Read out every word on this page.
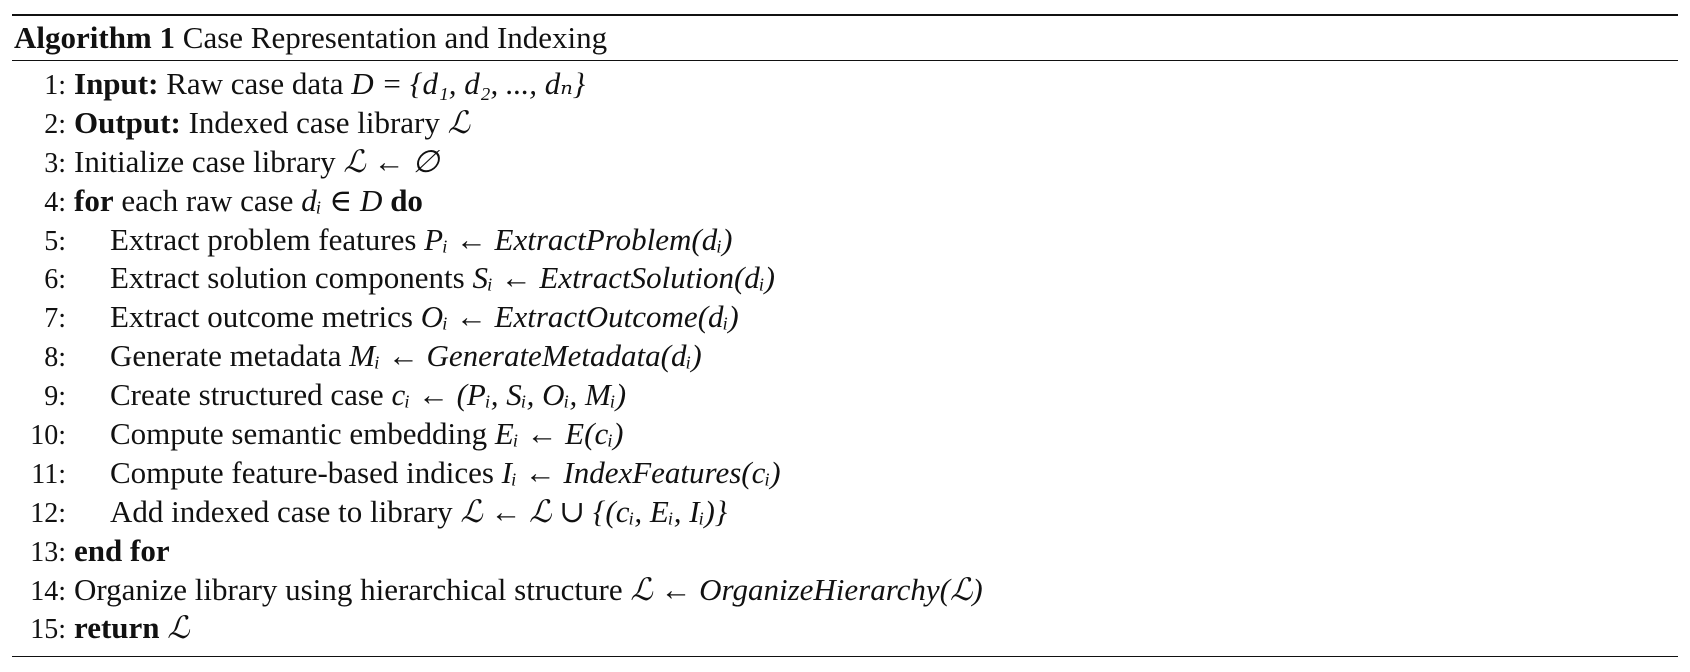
Algorithm 1 Case Representation and Indexing
1: Input: Raw case data D = {d₁, d₂, ..., dₙ}
2: Output: Indexed case library ℒ
3: Initialize case library ℒ ← ∅
4: for each raw case dᵢ ∈ D do
5: Extract problem features Pᵢ ← ExtractProblem(dᵢ)
6: Extract solution components Sᵢ ← ExtractSolution(dᵢ)
7: Extract outcome metrics Oᵢ ← ExtractOutcome(dᵢ)
8: Generate metadata Mᵢ ← GenerateMetadata(dᵢ)
9: Create structured case cᵢ ← (Pᵢ, Sᵢ, Oᵢ, Mᵢ)
10: Compute semantic embedding Eᵢ ← E(cᵢ)
11: Compute feature-based indices Iᵢ ← IndexFeatures(cᵢ)
12: Add indexed case to library ℒ ← ℒ ∪ {(cᵢ, Eᵢ, Iᵢ)}
13: end for
14: Organize library using hierarchical structure ℒ ← OrganizeHierarchy(ℒ)
15: return ℒ
